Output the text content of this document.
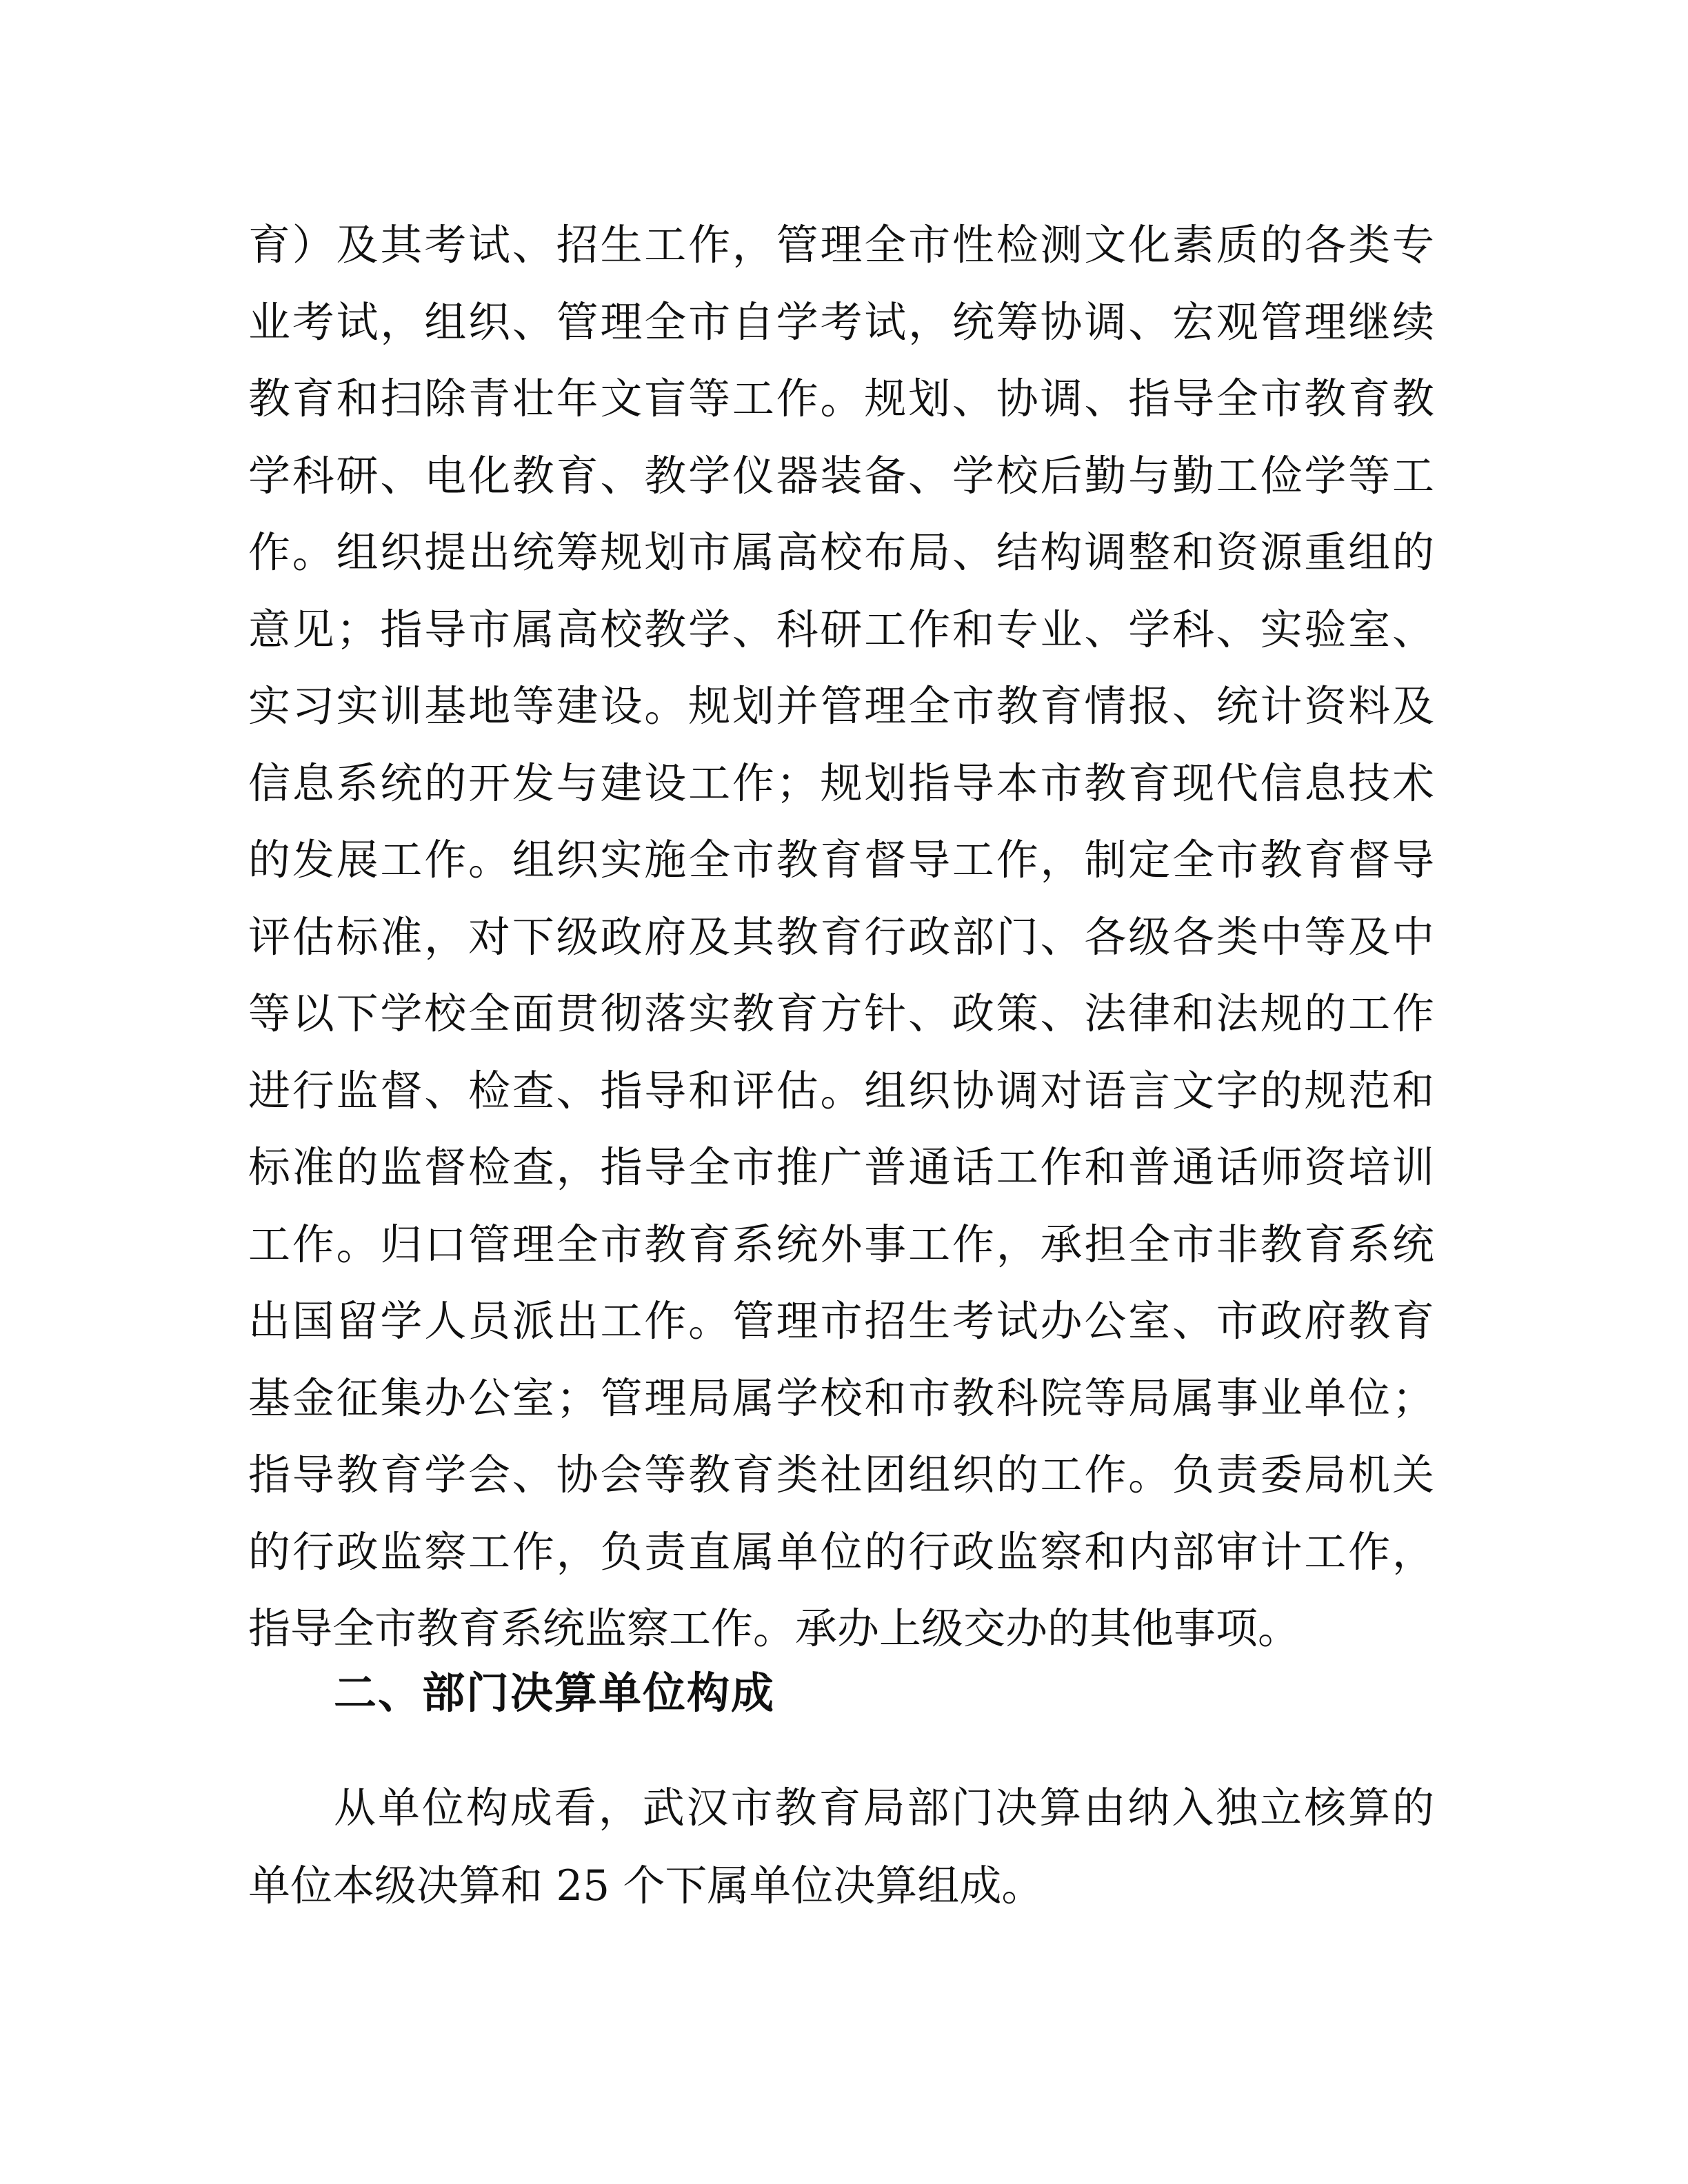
育）及其考试、招生工作，管理全市性检测文化素质的各类专
业考试，组织、管理全市自学考试，统筹协调、宏观管理继续
教育和扫除青壮年文盲等工作。规划、协调、指导全市教育教
学科研、电化教育、教学仪器装备、学校后勤与勤工俭学等工
作。组织提出统筹规划市属高校布局、结构调整和资源重组的
意见；指导市属高校教学、科研工作和专业、学科、实验室、
实习实训基地等建设。规划并管理全市教育情报、统计资料及
信息系统的开发与建设工作；规划指导本市教育现代信息技术
的发展工作。组织实施全市教育督导工作，制定全市教育督导
评估标准，对下级政府及其教育行政部门、各级各类中等及中
等以下学校全面贯彻落实教育方针、政策、法律和法规的工作
进行监督、检查、指导和评估。组织协调对语言文字的规范和
标准的监督检查，指导全市推广普通话工作和普通话师资培训
工作。归口管理全市教育系统外事工作，承担全市非教育系统
出国留学人员派出工作。管理市招生考试办公室、市政府教育
基金征集办公室；管理局属学校和市教科院等局属事业单位；
指导教育学会、协会等教育类社团组织的工作。负责委局机关
的行政监察工作，负责直属单位的行政监察和内部审计工作，
指导全市教育系统监察工作。承办上级交办的其他事项。
二、部门决算单位构成
从单位构成看，武汉市教育局部门决算由纳入独立核算的
单位本级决算和 25 个下属单位决算组成。
